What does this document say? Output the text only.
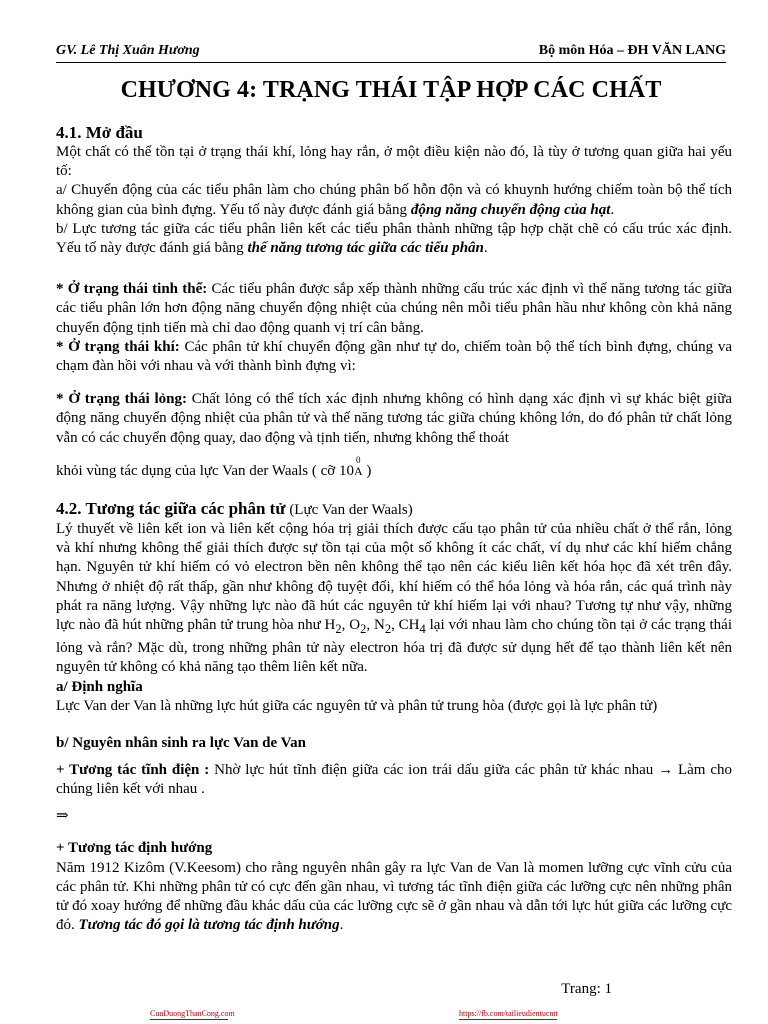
GV. Lê Thị Xuân Hương	Bộ môn Hóa – ĐH VĂN LANG
CHƯƠNG 4: TRẠNG THÁI TẬP HỢP CÁC CHẤT

4.1. Mở đầu

Một chất có thể tồn tại ở trạng thái khí, lỏng hay rắn, ở một điều kiện nào đó, là tùy ở tương quan giữa hai yếu tố:

a/ Chuyển động của các tiểu phân làm cho chúng phân bố hỗn độn và có khuynh hướng chiếm toàn bộ thể tích không gian của bình đựng. Yếu tố này được đánh giá bằng động năng chuyển động của hạt.

b/ Lực tương tác giữa các tiểu phân liên kết các tiểu phân thành những tập hợp chặt chẽ có cấu trúc xác định. Yếu tố này được đánh giá bằng thế năng tương tác giữa các tiểu phân.

* Ở trạng thái tinh thể: Các tiểu phân được sắp xếp thành những cấu trúc xác định vì thế năng tương tác giữa các tiểu phân lớn hơn động năng chuyển động nhiệt của chúng nên mỗi tiểu phân hầu như không còn khả năng chuyển động tịnh tiến mà chỉ dao động quanh vị trí cân bằng.

* Ở trạng thái khí: Các phân tử khí chuyển động gần như tự do, chiếm toàn bộ thể tích bình đựng, chúng va chạm đàn hồi với nhau và với thành bình đựng vì:

* Ở trạng thái lỏng: Chất lỏng có thể tích xác định nhưng không có hình dạng xác định vì sự khác biệt giữa động năng chuyển động nhiệt của phân tử và thế năng tương tác giữa chúng không lớn, do đó phân tử chất lỏng vẫn có các chuyển động quay, dao động và tịnh tiến, nhưng không thể thoát

khỏi vùng tác dụng của lực Van der Waals ( cỡ 10
0
A )

4.2. Tương tác giữa các phân tử (Lực Van der Waals)

Lý thuyết về liên kết ion và liên kết cộng hóa trị giải thích được cấu tạo phân tử của nhiều chất ở thể rắn, lỏng và khí nhưng không thể giải thích được sự tồn tại của một số không ít các chất, ví dụ như các khí hiếm chẳng hạn. Nguyên tử khí hiếm có vỏ electron bền nên không thể tạo nên các kiểu liên kết hóa học đã xét trên đây. Nhưng ở nhiệt độ rất thấp, gần như không độ tuyệt đối, khí hiếm có thể hóa lỏng và hóa rắn, các quá trình này phát ra năng lượng. Vậy những lực nào đã hút các nguyên tử khí hiếm lại với nhau? Tương tự như vậy, những lực nào đã hút những phân tử trung hòa như $H_2$, $O_2$, $N_2$, $CH_4$ lại với nhau làm cho chúng tồn tại ở các trạng thái lỏng và rắn? Mặc dù, trong những phân tử này electron hóa trị đã được sử dụng hết để tạo thành liên kết nên nguyên tử không có khả năng tạo thêm liên kết nữa.

a/ Định nghĩa

Lực Van der Van là những lực hút giữa các nguyên tử và phân tử trung hòa (được gọi là lực phân tử)

b/ Nguyên nhân sinh ra lực Van de Van

+ Tương tác tĩnh điện : Nhờ lực hút tĩnh điện giữa các ion trái dấu giữa các phân tử khác nhau → Làm cho chúng liên kết với nhau .

⇒

+ Tương tác định hướng

Năm 1912 Kizôm (V.Keesom) cho rằng nguyên nhân gây ra lực Van de Van là momen lưỡng cực vĩnh cửu của các phân tử. Khi những phân tử có cực đến gần nhau, vì tương tác tĩnh điện giữa các lưỡng cực nên những phân tử đó xoay hướng để những đầu khác dấu của các lưỡng cực sẽ ở gần nhau và dẫn tới lực hút giữa các lưỡng cực đó. Tương tác đó gọi là tương tác định hướng.

Trang: 1
CuuDuongThanCong.com	https://fb.com/tailieudientucntt
